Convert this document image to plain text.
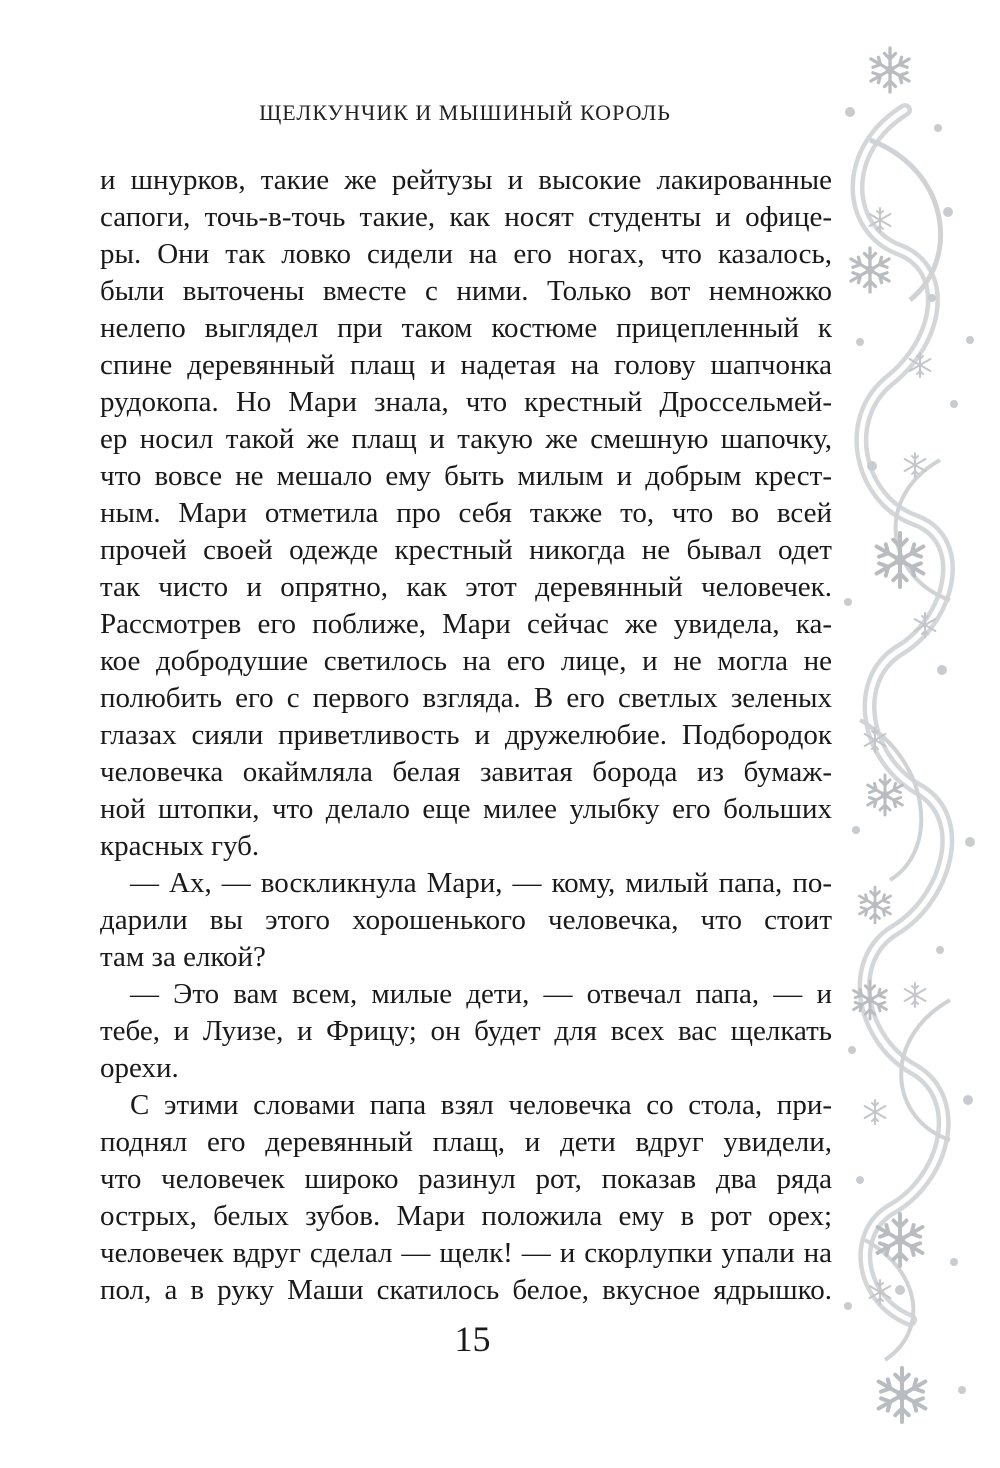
ЩЕЛКУНЧИК И МЫШИНЫЙ КОРОЛЬ
и шнурков, такие же рейтузы и высокие лакированные
сапоги, точь-в-точь такие, как носят студенты и офице-
ры. Они так ловко сидели на его ногах, что казалось,
были выточены вместе с ними. Только вот немножко
нелепо выглядел при таком костюме прицепленный к
спине деревянный плащ и надетая на голову шапчонка
рудокопа. Но Мари знала, что крестный Дроссельмей-
ер носил такой же плащ и такую же смешную шапочку,
что вовсе не мешало ему быть милым и добрым крест-
ным. Мари отметила про себя также то, что во всей
прочей своей одежде крестный никогда не бывал одет
так чисто и опрятно, как этот деревянный человечек.
Рассмотрев его поближе, Мари сейчас же увидела, ка-
кое добродушие светилось на его лице, и не могла не
полюбить его с первого взгляда. В его светлых зеленых
глазах сияли приветливость и дружелюбие. Подбородок
человечка окаймляла белая завитая борода из бумаж-
ной штопки, что делало еще милее улыбку его больших
красных губ.
— Ах, — воскликнула Мари, — кому, милый папа, по-
дарили вы этого хорошенького человечка, что стоит
там за елкой?
— Это вам всем, милые дети, — отвечал папа, — и
тебе, и Луизе, и Фрицу; он будет для всех вас щелкать
орехи.
С этими словами папа взял человечка со стола, при-
поднял его деревянный плащ, и дети вдруг увидели,
что человечек широко разинул рот, показав два ряда
острых, белых зубов. Мари положила ему в рот орех;
человечек вдруг сделал — щелк! — и скорлупки упали на
пол, а в руку Маши скатилось белое, вкусное ядрышко.
15
